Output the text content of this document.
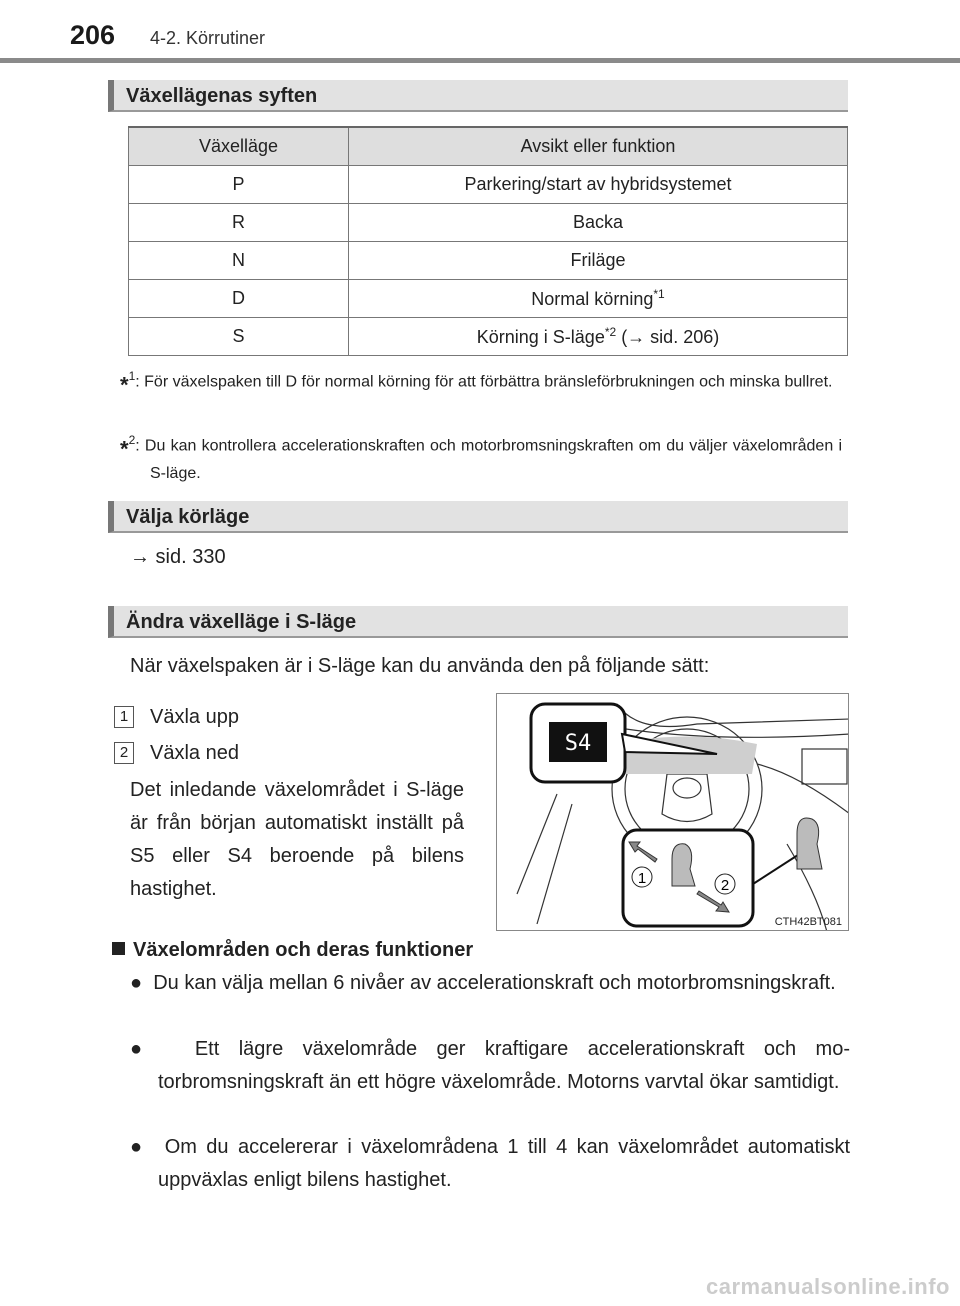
206 4-2. Körrutiner
Växellägenas syften
Växelläge	Avsikt eller funktion
P	Parkering/start av hybridsystemet
R	Backa
N	Friläge
D	Normal körning$^{*1}$
S	Körning i S-läge$^{*2}$ (→ sid. 206)
*$^1$: För växelspaken till D för normal körning för att förbättra bränsleförbrukningen och minska bullret.
*$^2$: Du kan kontrollera accelerationskraften och motorbromsningskraften om du väljer växelområden i S-läge.
Välja körläge
→ sid. 330
Ändra växelläge i S-läge
När växelspaken är i S-läge kan du använda den på följande sätt:
1 Växla upp
2 Växla ned
Det inledande växelområdet i S-läge är från början automatiskt inställt på S5 eller S4 beroende på bilens hastighet.
S4
1	2
CTH42BT081
Växelområden och deras funktioner
●  Du kan välja mellan 6 nivåer av accelerationskraft och motorbromsningskraft.
●  Ett lägre växelområde ger kraftigare accelerationskraft och motorbromsningskraft än ett högre växelområde. Motorns varvtal ökar samtidigt.
●  Om du accelererar i växelområdena 1 till 4 kan växelområdet automatiskt uppväxlas enligt bilens hastighet.
carmanualsonline.info
